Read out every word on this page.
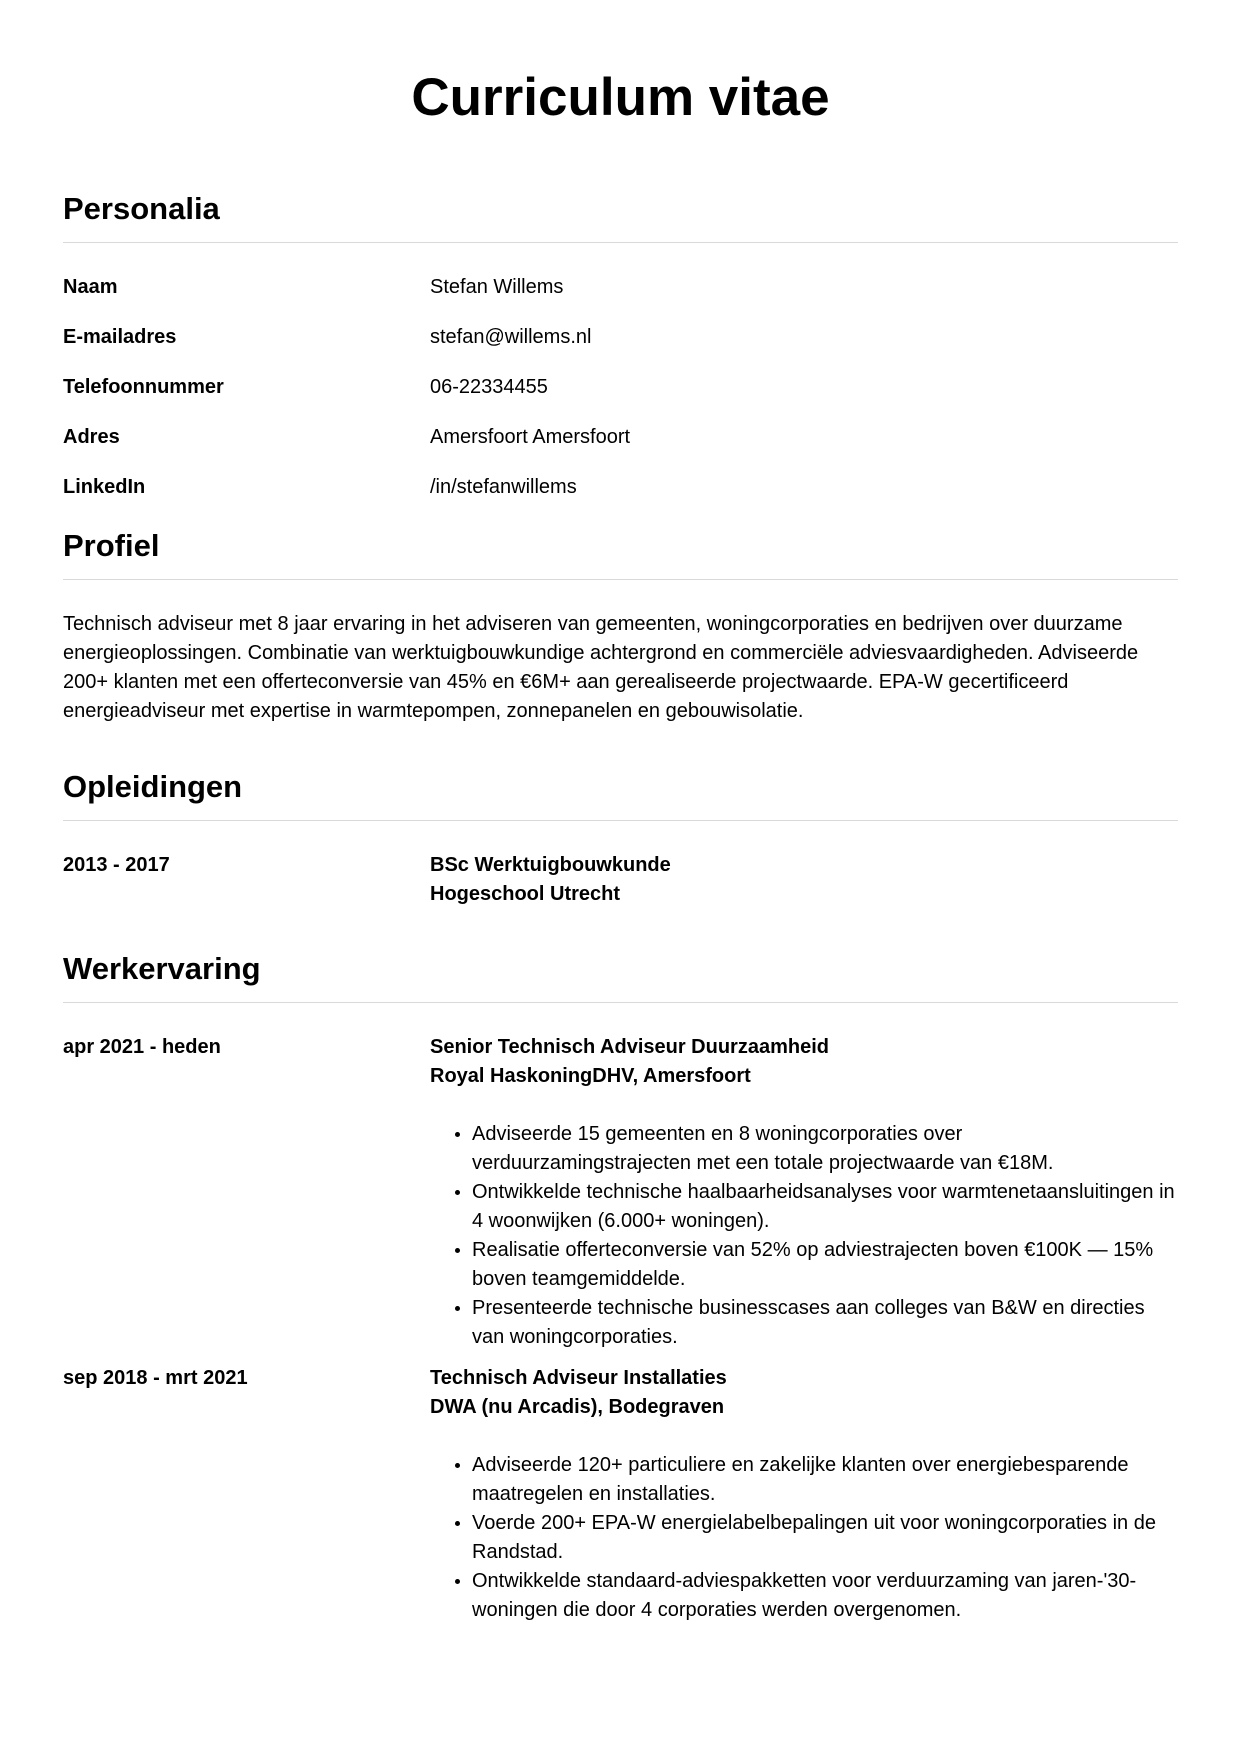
Curriculum vitae
Personalia
Naam	Stefan Willems
E-mailadres	stefan@willems.nl
Telefoonnummer	06-22334455
Adres	Amersfoort Amersfoort
LinkedIn	/in/stefanwillems
Profiel

Technisch adviseur met 8 jaar ervaring in het adviseren van gemeenten, woningcorporaties en bedrijven over duurzame energieoplossingen. Combinatie van werktuigbouwkundige achtergrond en commerciële adviesvaardigheden. Adviseerde 200+ klanten met een offerteconversie van 45% en €6M+ aan gerealiseerde projectwaarde. EPA-W gecertificeerd energieadviseur met expertise in warmtepompen, zonnepanelen en gebouwisolatie.

Opleidingen
2013 - 2017	BSc Werktuigbouwkunde
Hogeschool Utrecht
Werkervaring
apr 2021 - heden	Senior Technisch Adviseur Duurzaamheid
Royal HaskoningDHV, Amersfoort
• Adviseerde 15 gemeenten en 8 woningcorporaties over verduurzamingstrajecten met een totale projectwaarde van €18M.
• Ontwikkelde technische haalbaarheidsanalyses voor warmtenetaansluitingen in 4 woonwijken (6.000+ woningen).
• Realisatie offerteconversie van 52% op adviestrajecten boven €100K — 15% boven teamgemiddelde.
• Presenteerde technische businesscases aan colleges van B&W en directies van woningcorporaties.
sep 2018 - mrt 2021	Technisch Adviseur Installaties
DWA (nu Arcadis), Bodegraven
• Adviseerde 120+ particuliere en zakelijke klanten over energiebesparende maatregelen en installaties.
• Voerde 200+ EPA-W energielabelbepalingen uit voor woningcorporaties in de Randstad.
• Ontwikkelde standaard-adviespakketten voor verduurzaming van jaren-'30-woningen die door 4 corporaties werden overgenomen.
